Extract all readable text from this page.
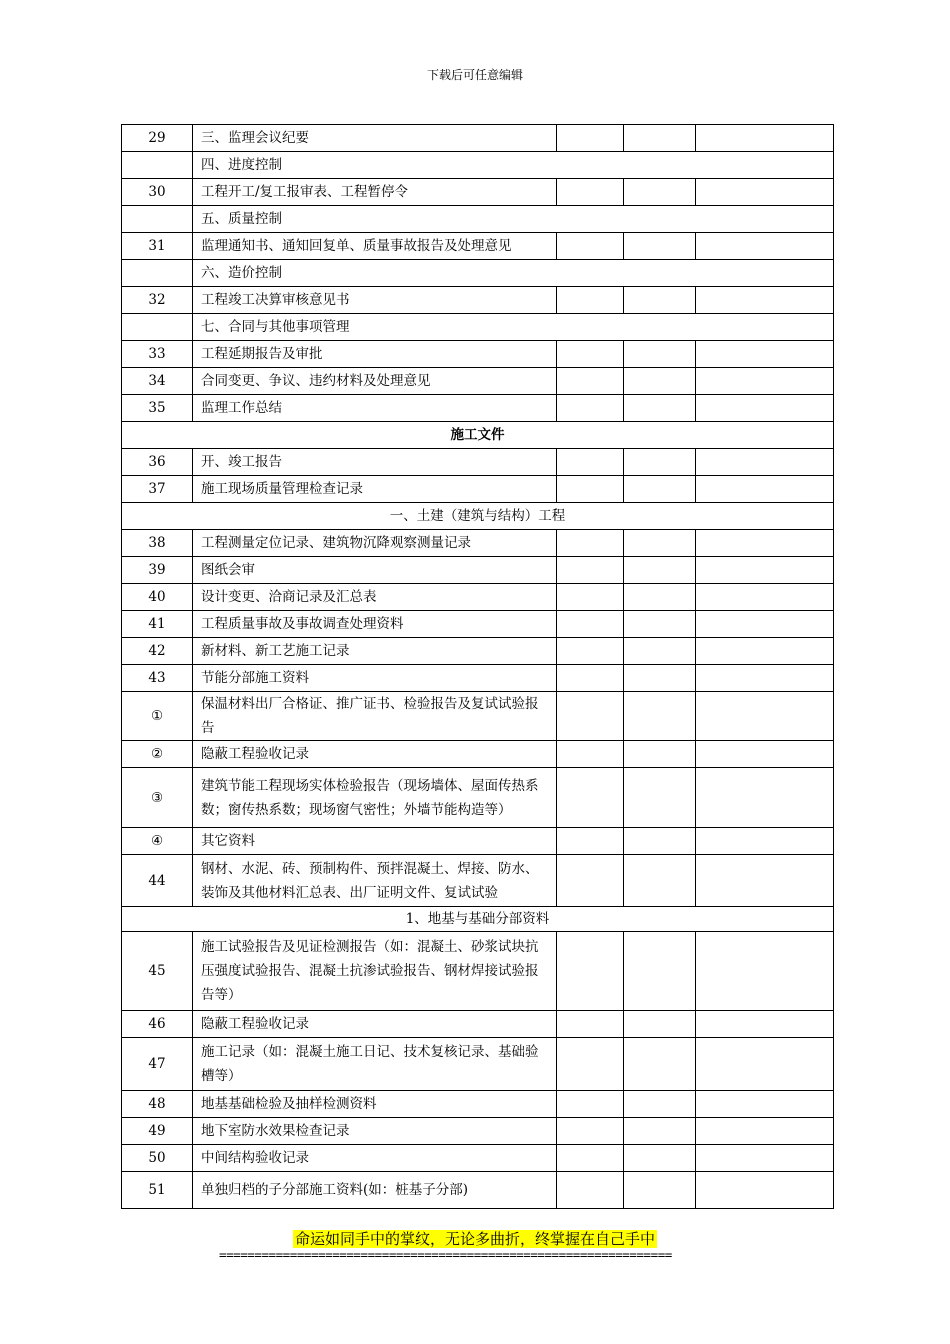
下载后可任意编辑
29	三、监理会议纪要			
	四、进度控制			
30	工程开工/复工报审表、工程暂停令			
	五、质量控制			
31	监理通知书、通知回复单、质量事故报告及处理意见			
	六、造价控制			
32	工程竣工决算审核意见书			
	七、合同与其他事项管理			
33	工程延期报告及审批			
34	合同变更、争议、违约材料及处理意见			
35	监理工作总结			
施工文件				
36	开、竣工报告			
37	施工现场质量管理检查记录			
一、土建（建筑与结构）工程				
38	工程测量定位记录、建筑物沉降观察测量记录			
39	图纸会审			
40	设计变更、洽商记录及汇总表			
41	工程质量事故及事故调查处理资料			
42	新材料、新工艺施工记录			
43	节能分部施工资料			
①	保温材料出厂合格证、推广证书、检验报告及复试试验报告			
②	隐蔽工程验收记录			
③	建筑节能工程现场实体检验报告（现场墙体、屋面传热系数；窗传热系数；现场窗气密性；外墙节能构造等）			
④	其它资料			
44	钢材、水泥、砖、预制构件、预拌混凝土、焊接、防水、装饰及其他材料汇总表、出厂证明文件、复试试验			
1、地基与基础分部资料				
45	施工试验报告及见证检测报告（如：混凝土、砂浆试块抗压强度试验报告、混凝土抗渗试验报告、钢材焊接试验报告等）			
46	隐蔽工程验收记录			
47	施工记录（如：混凝土施工日记、技术复核记录、基础验槽等）			
48	地基基础检验及抽样检测资料			
49	地下室防水效果检查记录			
50	中间结构验收记录			
51	单独归档的子分部施工资料(如：桩基子分部)			
命运如同手中的掌纹，无论多曲折，终掌握在自己手中
================================================================
